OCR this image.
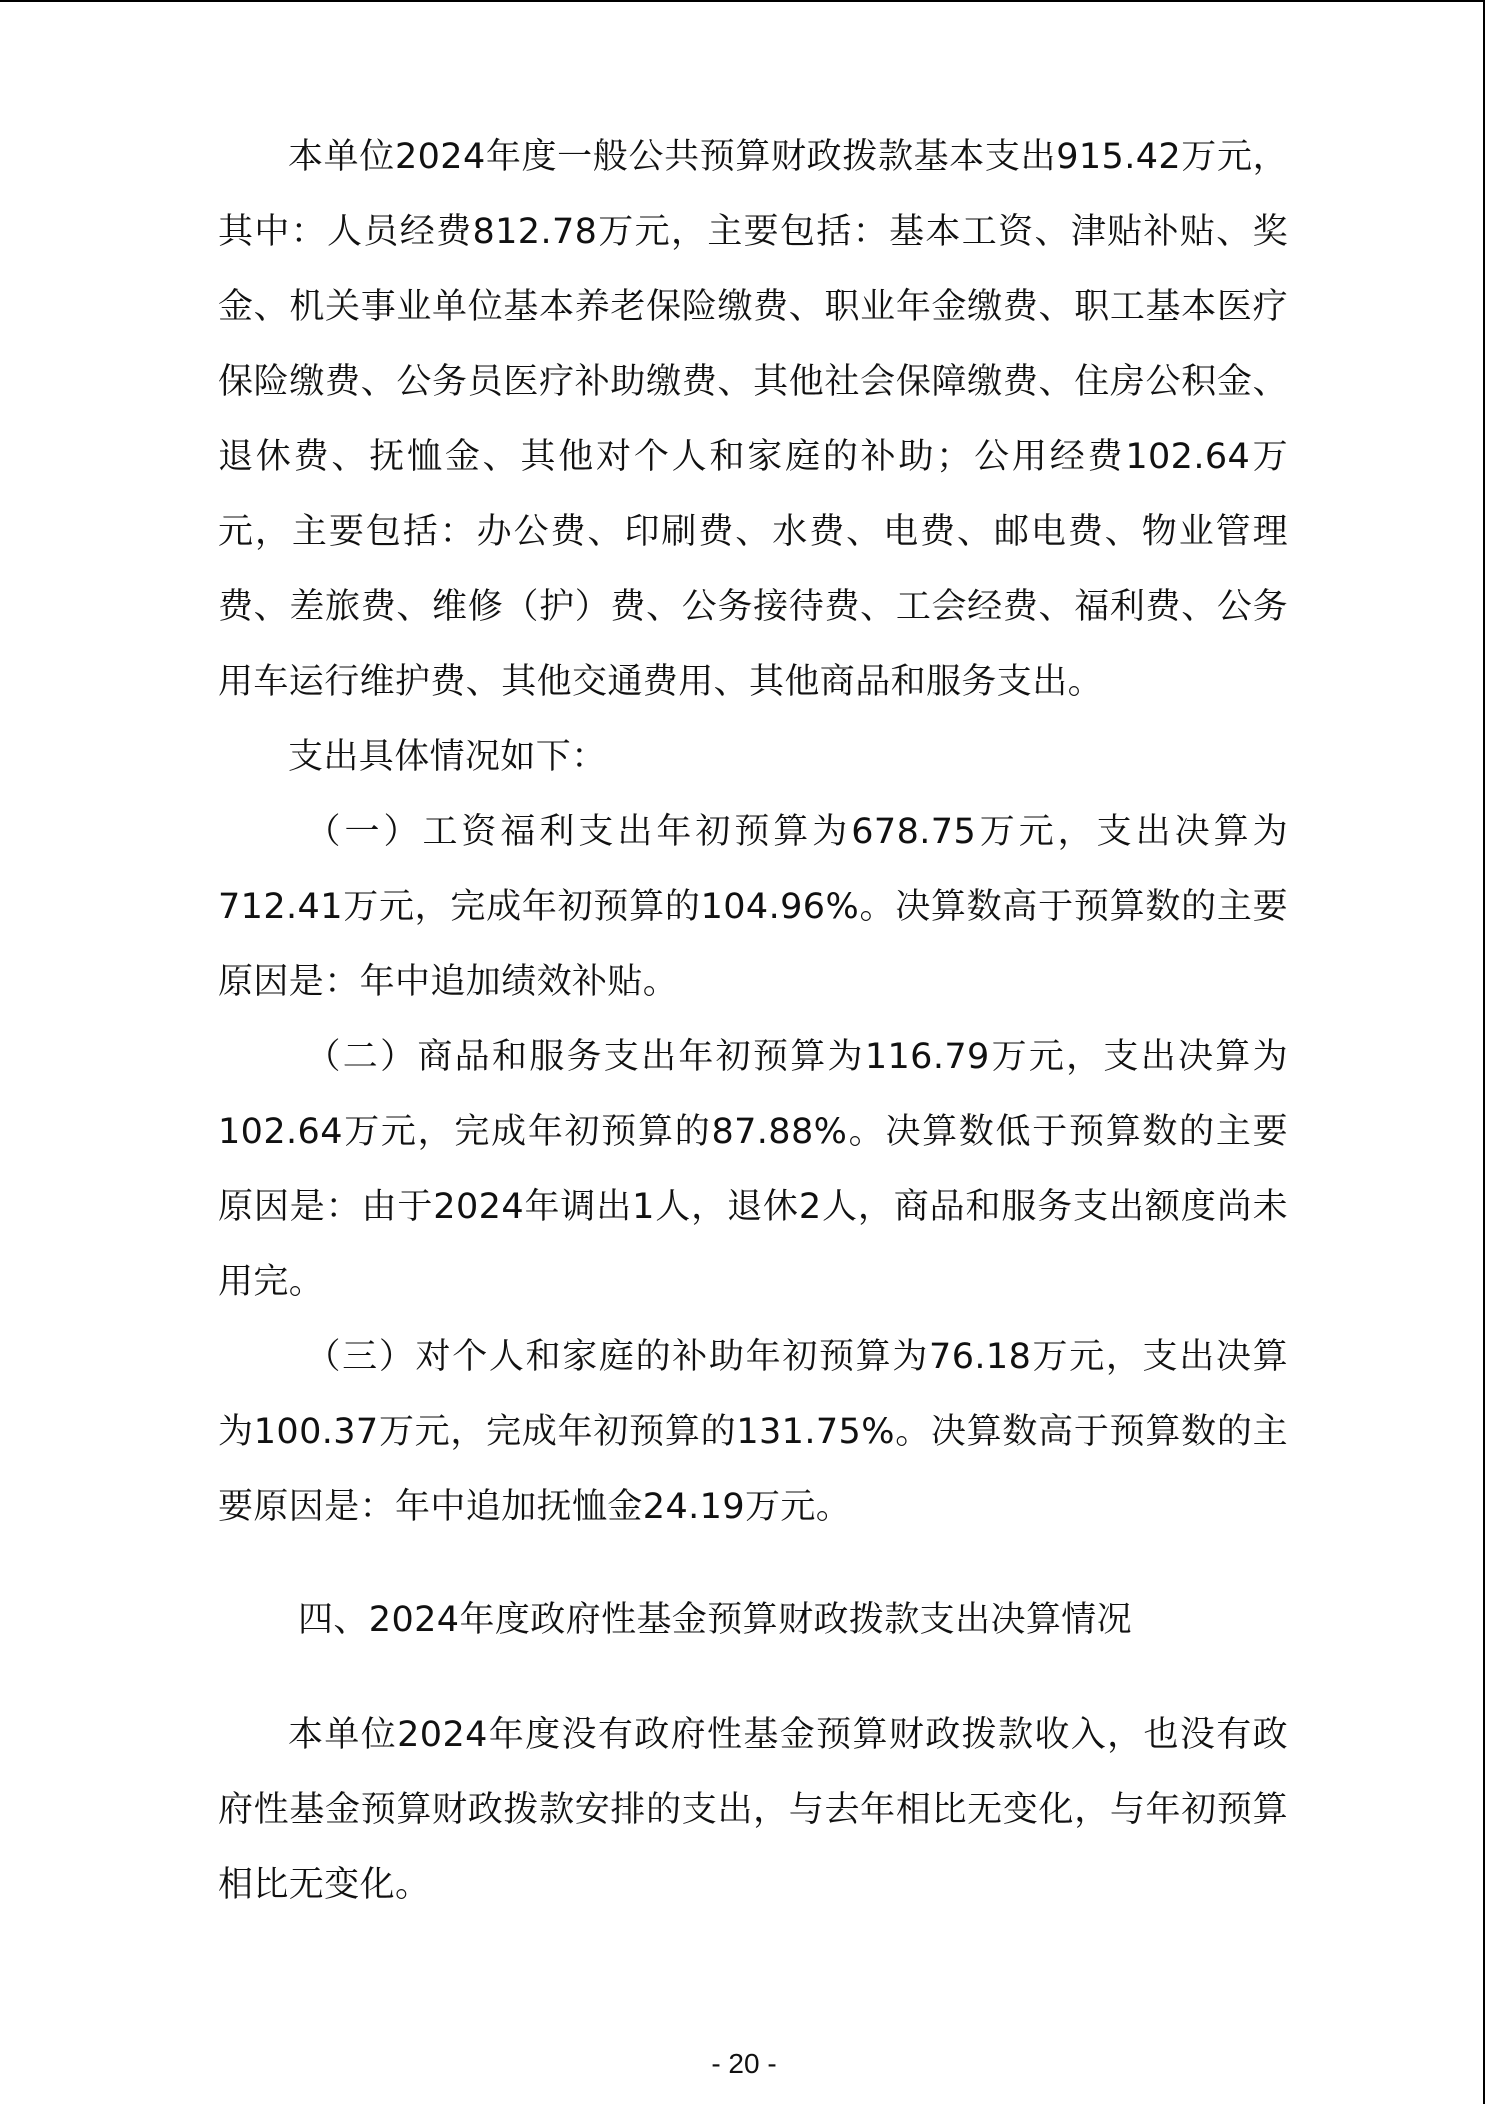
本单位2024年度一般公共预算财政拨款基本支出915.42万元，其中：人员经费812.78万元，主要包括：基本工资、津贴补贴、奖金、机关事业单位基本养老保险缴费、职业年金缴费、职工基本医疗保险缴费、公务员医疗补助缴费、其他社会保障缴费、住房公积金、退休费、抚恤金、其他对个人和家庭的补助；公用经费102.64万元，主要包括：办公费、印刷费、水费、电费、邮电费、物业管理费、差旅费、维修（护）费、公务接待费、工会经费、福利费、公务用车运行维护费、其他交通费用、其他商品和服务支出。

支出具体情况如下：

（一）工资福利支出年初预算为678.75万元，支出决算为712.41万元，完成年初预算的104.96%。决算数高于预算数的主要原因是：年中追加绩效补贴。

（二）商品和服务支出年初预算为116.79万元，支出决算为102.64万元，完成年初预算的87.88%。决算数低于预算数的主要原因是：由于2024年调出1人，退休2人，商品和服务支出额度尚未用完。

（三）对个人和家庭的补助年初预算为76.18万元，支出决算为100.37万元，完成年初预算的131.75%。决算数高于预算数的主要原因是：年中追加抚恤金24.19万元。

四、2024年度政府性基金预算财政拨款支出决算情况

本单位2024年度没有政府性基金预算财政拨款收入，也没有政府性基金预算财政拨款安排的支出，与去年相比无变化，与年初预算相比无变化。

- 20 -
